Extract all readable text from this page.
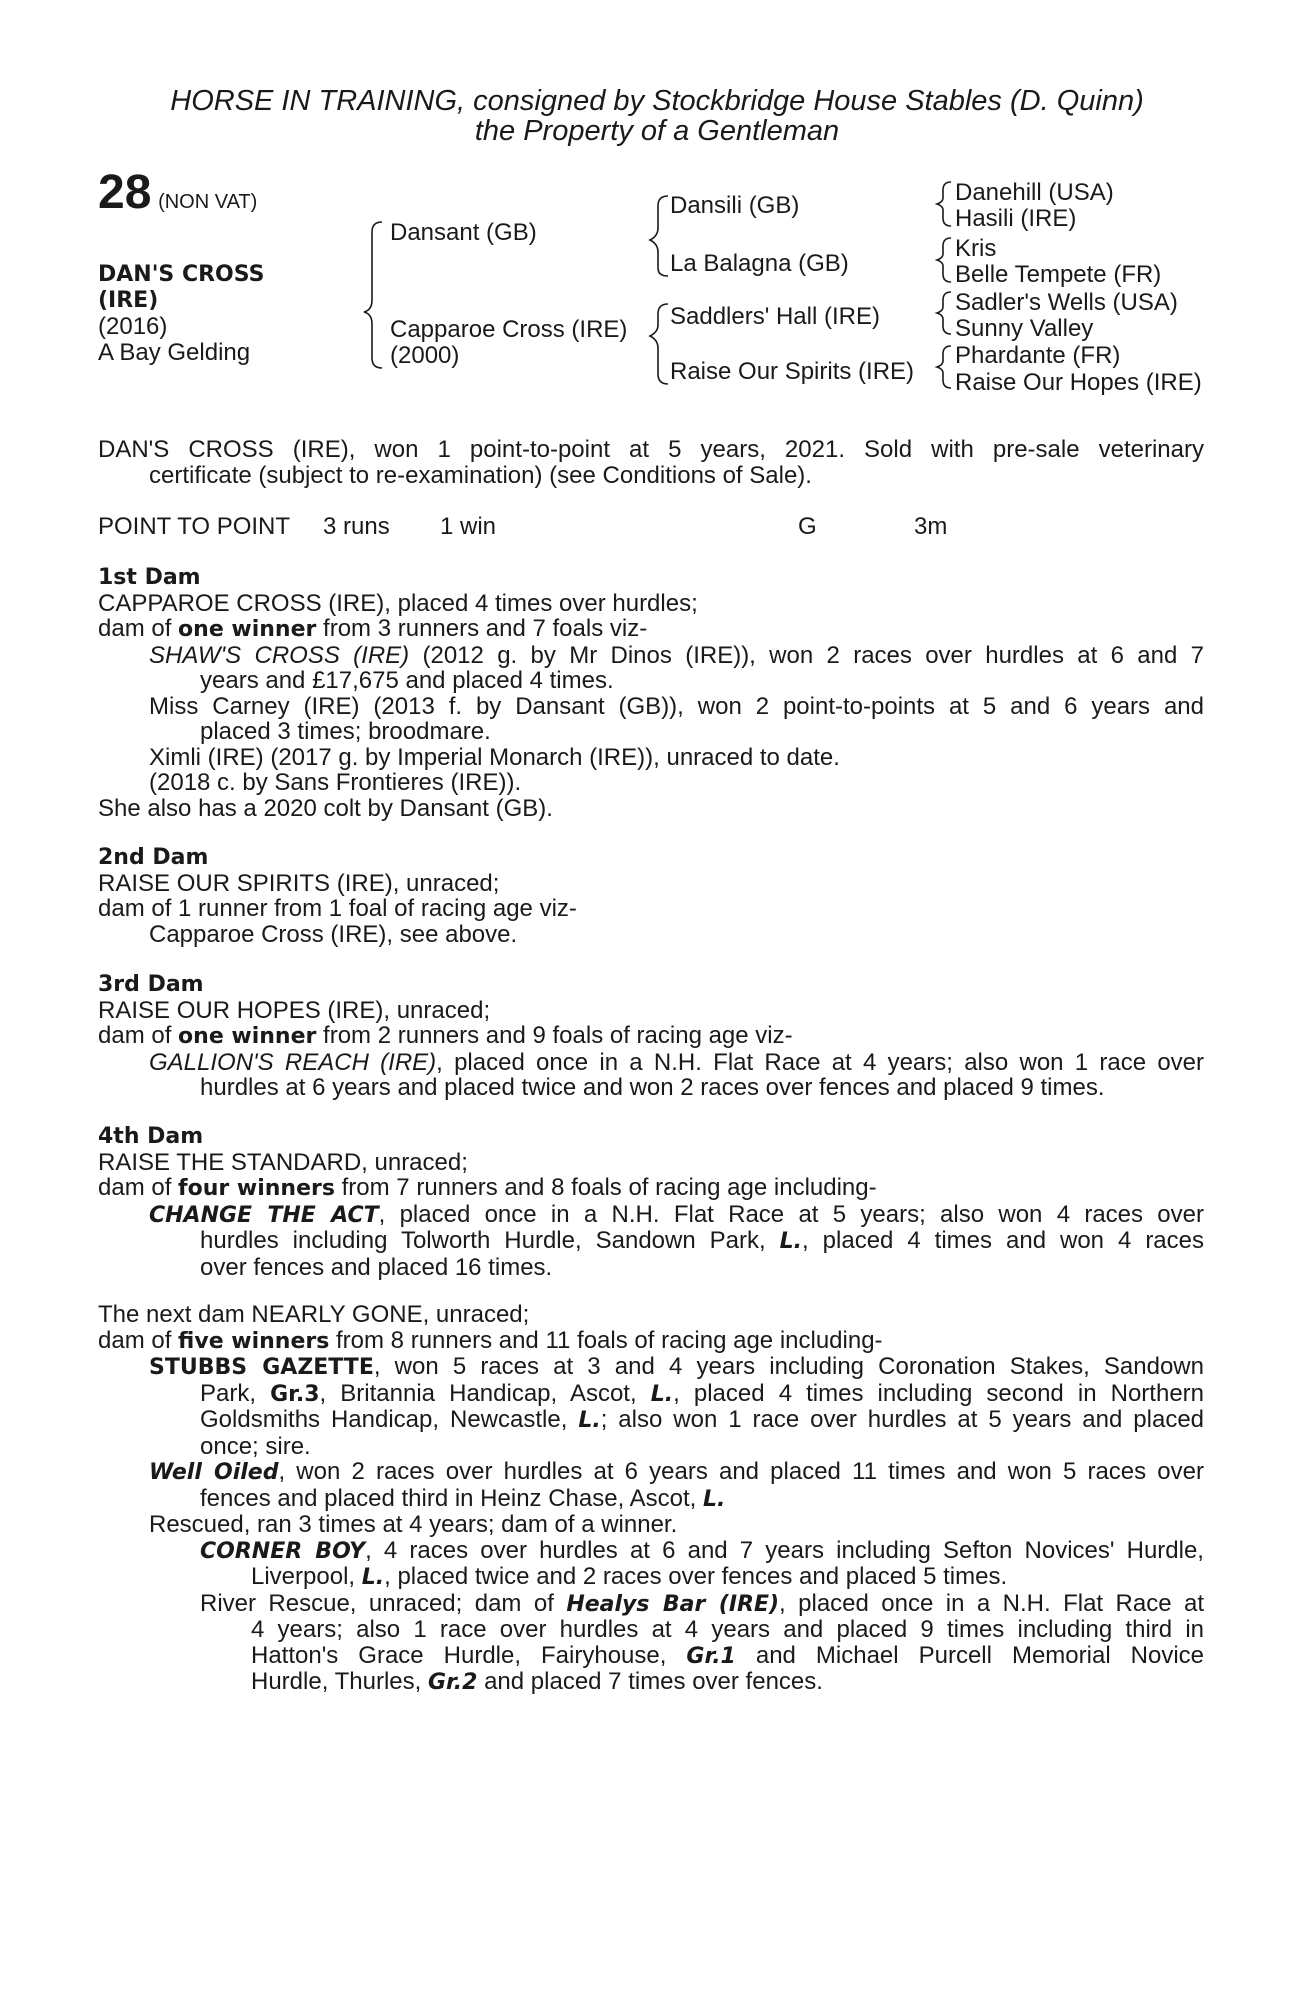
HORSE IN TRAINING, consigned by Stockbridge House Stables (D. Quinn)
the Property of a Gentleman
28 (NON VAT)
DAN'S CROSS
(IRE)
(2016)
A Bay Gelding
Dansant (GB)
Capparoe Cross (IRE)
(2000)
Dansili (GB)
La Balagna (GB)
Saddlers' Hall (IRE)
Raise Our Spirits (IRE)
Danehill (USA)
Hasili (IRE)
Kris
Belle Tempete (FR)
Sadler's Wells (USA)
Sunny Valley
Phardante (FR)
Raise Our Hopes (IRE)

DAN'S CROSS (IRE), won 1 point-to-point at 5 years, 2021. Sold with pre-sale veterinary

certificate (subject to re-examination) (see Conditions of Sale).

POINT TO POINT 3 runs 1 win	G	3m

1st Dam

CAPPAROE CROSS (IRE), placed 4 times over hurdles;

dam of one winner from 3 runners and 7 foals viz-

SHAW'S CROSS (IRE) (2012 g. by Mr Dinos (IRE)), won 2 races over hurdles at 6 and 7

years and £17,675 and placed 4 times.

Miss Carney (IRE) (2013 f. by Dansant (GB)), won 2 point-to-points at 5 and 6 years and

placed 3 times; broodmare.

Ximli (IRE) (2017 g. by Imperial Monarch (IRE)), unraced to date.

(2018 c. by Sans Frontieres (IRE)).

She also has a 2020 colt by Dansant (GB).

2nd Dam

RAISE OUR SPIRITS (IRE), unraced;

dam of 1 runner from 1 foal of racing age viz-

Capparoe Cross (IRE), see above.

3rd Dam

RAISE OUR HOPES (IRE), unraced;

dam of one winner from 2 runners and 9 foals of racing age viz-

GALLION'S REACH (IRE), placed once in a N.H. Flat Race at 4 years; also won 1 race over

hurdles at 6 years and placed twice and won 2 races over fences and placed 9 times.

4th Dam

RAISE THE STANDARD, unraced;

dam of four winners from 7 runners and 8 foals of racing age including-

CHANGE THE ACT, placed once in a N.H. Flat Race at 5 years; also won 4 races over

hurdles including Tolworth Hurdle, Sandown Park, L., placed 4 times and won 4 races

over fences and placed 16 times.

The next dam NEARLY GONE, unraced;

dam of five winners from 8 runners and 11 foals of racing age including-

STUBBS GAZETTE, won 5 races at 3 and 4 years including Coronation Stakes, Sandown

Park, Gr.3, Britannia Handicap, Ascot, L., placed 4 times including second in Northern

Goldsmiths Handicap, Newcastle, L.; also won 1 race over hurdles at 5 years and placed

once; sire.

Well Oiled, won 2 races over hurdles at 6 years and placed 11 times and won 5 races over

fences and placed third in Heinz Chase, Ascot, L.

Rescued, ran 3 times at 4 years; dam of a winner.

CORNER BOY, 4 races over hurdles at 6 and 7 years including Sefton Novices' Hurdle,

Liverpool, L., placed twice and 2 races over fences and placed 5 times.

River Rescue, unraced; dam of Healys Bar (IRE), placed once in a N.H. Flat Race at

4 years; also 1 race over hurdles at 4 years and placed 9 times including third in

Hatton's Grace Hurdle, Fairyhouse, Gr.1 and Michael Purcell Memorial Novice

Hurdle, Thurles, Gr.2 and placed 7 times over fences.
